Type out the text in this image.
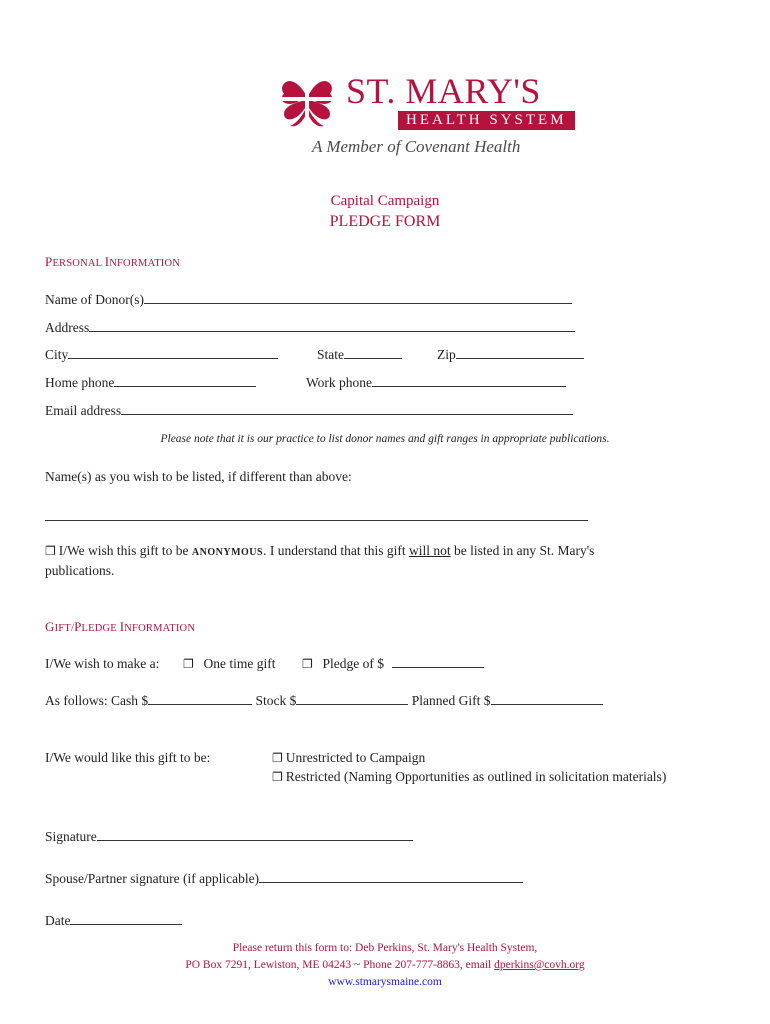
ST. MARY'S
HEALTH SYSTEM
A Member of Covenant Health
Capital Campaign
PLEDGE FORM
PERSONAL INFORMATION
Name of Donor(s)
Address
City	State	Zip
Home phone	Work phone
Email address
Please note that it is our practice to list donor names and gift ranges in appropriate publications.
Name(s) as you wish to be listed, if different than above:
❐ I/We wish this gift to be ANONYMOUS. I understand that this gift will not be listed in any St. Mary's
publications.
GIFT/PLEDGE INFORMATION
I/We wish to make a: ❐ One time gift ❐ Pledge of $
As follows: Cash $	Stock $	Planned Gift $
I/We would like this gift to be:	❐ Unrestricted to Campaign
❐ Restricted (Naming Opportunities as outlined in solicitation materials)
Signature
Spouse/Partner signature (if applicable)
Date
Please return this form to: Deb Perkins, St. Mary's Health System,
PO Box 7291, Lewiston, ME 04243 ~ Phone 207-777-8863, email dperkins@covh.org
www.stmarysmaine.com
